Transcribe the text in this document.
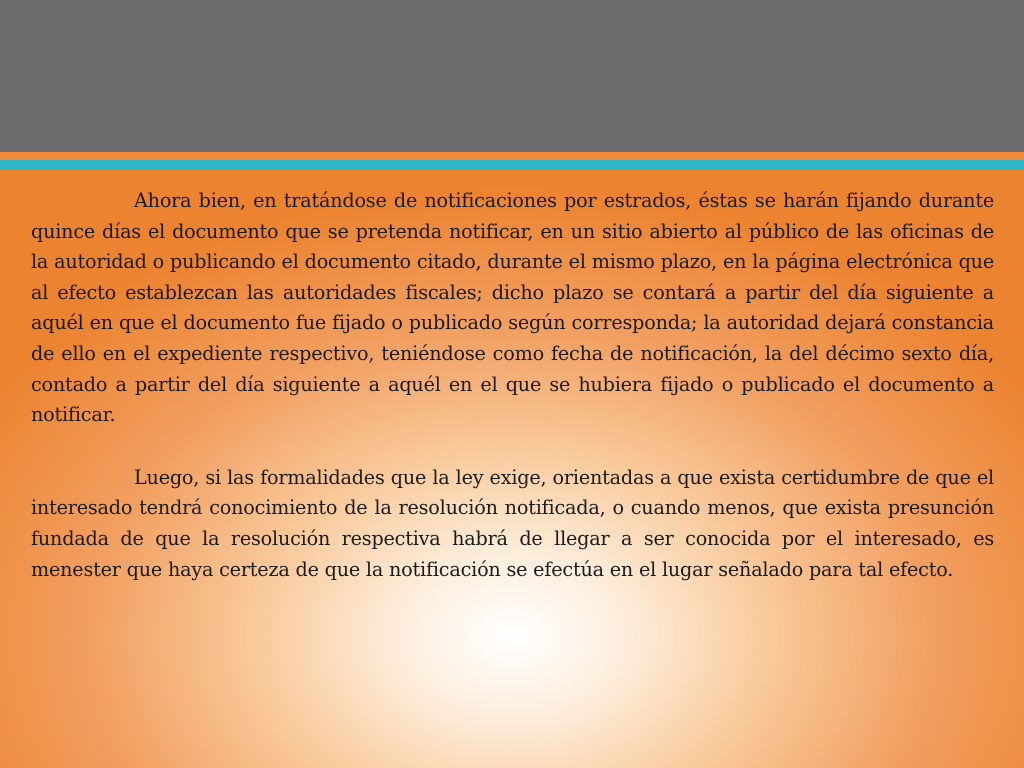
Ahora bien, en tratándose de notificaciones por estrados, éstas se harán fijando durante quince días el documento que se pretenda notificar, en un sitio abierto al público de las oficinas de la autoridad o publicando el documento citado, durante el mismo plazo, en la página electrónica que al efecto establezcan las autoridades fiscales; dicho plazo se contará a partir del día siguiente a aquél en que el documento fue fijado o publicado según corresponda; la autoridad dejará constancia de ello en el expediente respectivo, teniéndose como fecha de notificación, la del décimo sexto día, contado a partir del día siguiente a aquél en el que se hubiera fijado o publicado el documento a notificar.

Luego, si las formalidades que la ley exige, orientadas a que exista certidumbre de que el interesado tendrá conocimiento de la resolución notificada, o cuando menos, que exista presunción fundada de que la resolución respectiva habrá de llegar a ser conocida por el interesado, es menester que haya certeza de que la notificación se efectúa en el lugar señalado para tal efecto.
